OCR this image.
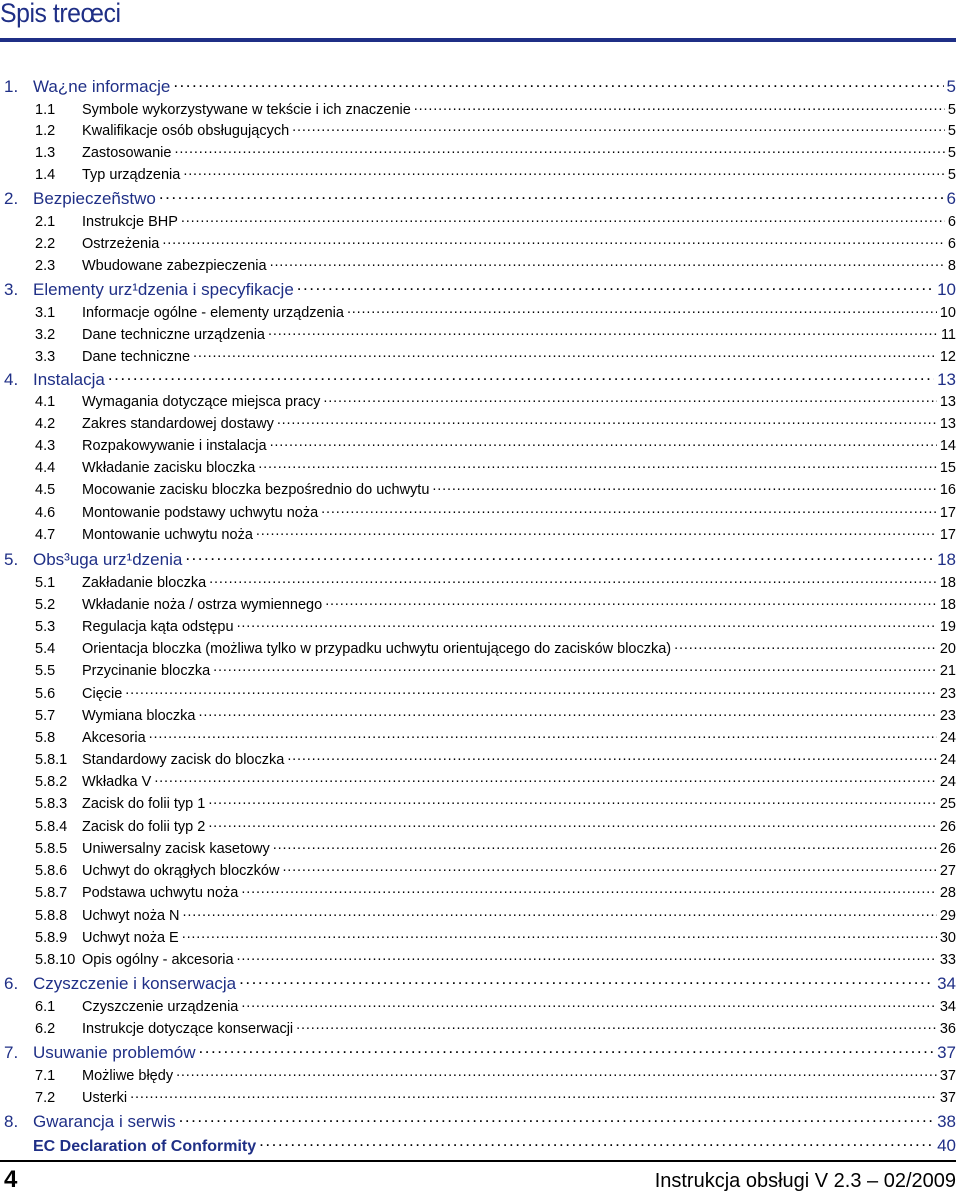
Spis treœci
1. Wa¿ne informacje . . .	5
1.1	Symbole wykorzystywane w tekście i ich znaczenie . . .	5
1.2	Kwalifikacje osób obsługujących . . .	5
1.3	Zastosowanie . . .	5
1.4	Typ urządzenia . . .	5
2. Bezpieczeñstwo . . .	6
2.1	Instrukcje BHP . . .	6
2.2	Ostrzeżenia . . .	6
2.3	Wbudowane zabezpieczenia . . .	8
3. Elementy urz¹dzenia i specyfikacje . . .	10
3.1	Informacje ogólne - elementy urządzenia . . .	10
3.2	Dane techniczne urządzenia . . .	11
3.3	Dane techniczne . . .	12
4. Instalacja . . .	13
4.1	Wymagania dotyczące miejsca pracy . . .	13
4.2	Zakres standardowej dostawy . . .	13
4.3	Rozpakowywanie i instalacja . . .	14
4.4	Wkładanie zacisku bloczka . . .	15
4.5	Mocowanie zacisku bloczka bezpośrednio do uchwytu . . .	16
4.6	Montowanie podstawy uchwytu noża . . .	17
4.7	Montowanie uchwytu noża . . .	17
5. Obs³uga urz¹dzenia . . .	18
5.1	Zakładanie bloczka . . .	18
5.2	Wkładanie noża / ostrza wymiennego . . .	18
5.3	Regulacja kąta odstępu . . .	19
5.4	Orientacja bloczka (możliwa tylko w przypadku uchwytu orientującego do zacisków bloczka) . . .	20
5.5	Przycinanie bloczka . . .	21
5.6	Cięcie . . .	23
5.7	Wymiana bloczka . . .	23
5.8	Akcesoria . . .	24
5.8.1	Standardowy zacisk do bloczka . . .	24
5.8.2	Wkładka V . . .	24
5.8.3	Zacisk do folii typ 1 . . .	25
5.8.4	Zacisk do folii typ 2 . . .	26
5.8.5	Uniwersalny zacisk kasetowy . . .	26
5.8.6	Uchwyt do okrągłych bloczków . . .	27
5.8.7	Podstawa uchwytu noża . . .	28
5.8.8	Uchwyt noża N . . .	29
5.8.9	Uchwyt noża E . . .	30
5.8.10 Opis ogólny - akcesoria . . .	33
6. Czyszczenie i konserwacja . . .	34
6.1	Czyszczenie urządzenia . . .	34
6.2	Instrukcje dotyczące konserwacji . . .	36
7. Usuwanie problemów . . .	37
7.1	Możliwe błędy . . .	37
7.2	Usterki . . .	37
8. Gwarancja i serwis . . .	38
EC Declaration of Conformity . . .	40
4	Instrukcja obsługi V 2.3 – 02/2009
